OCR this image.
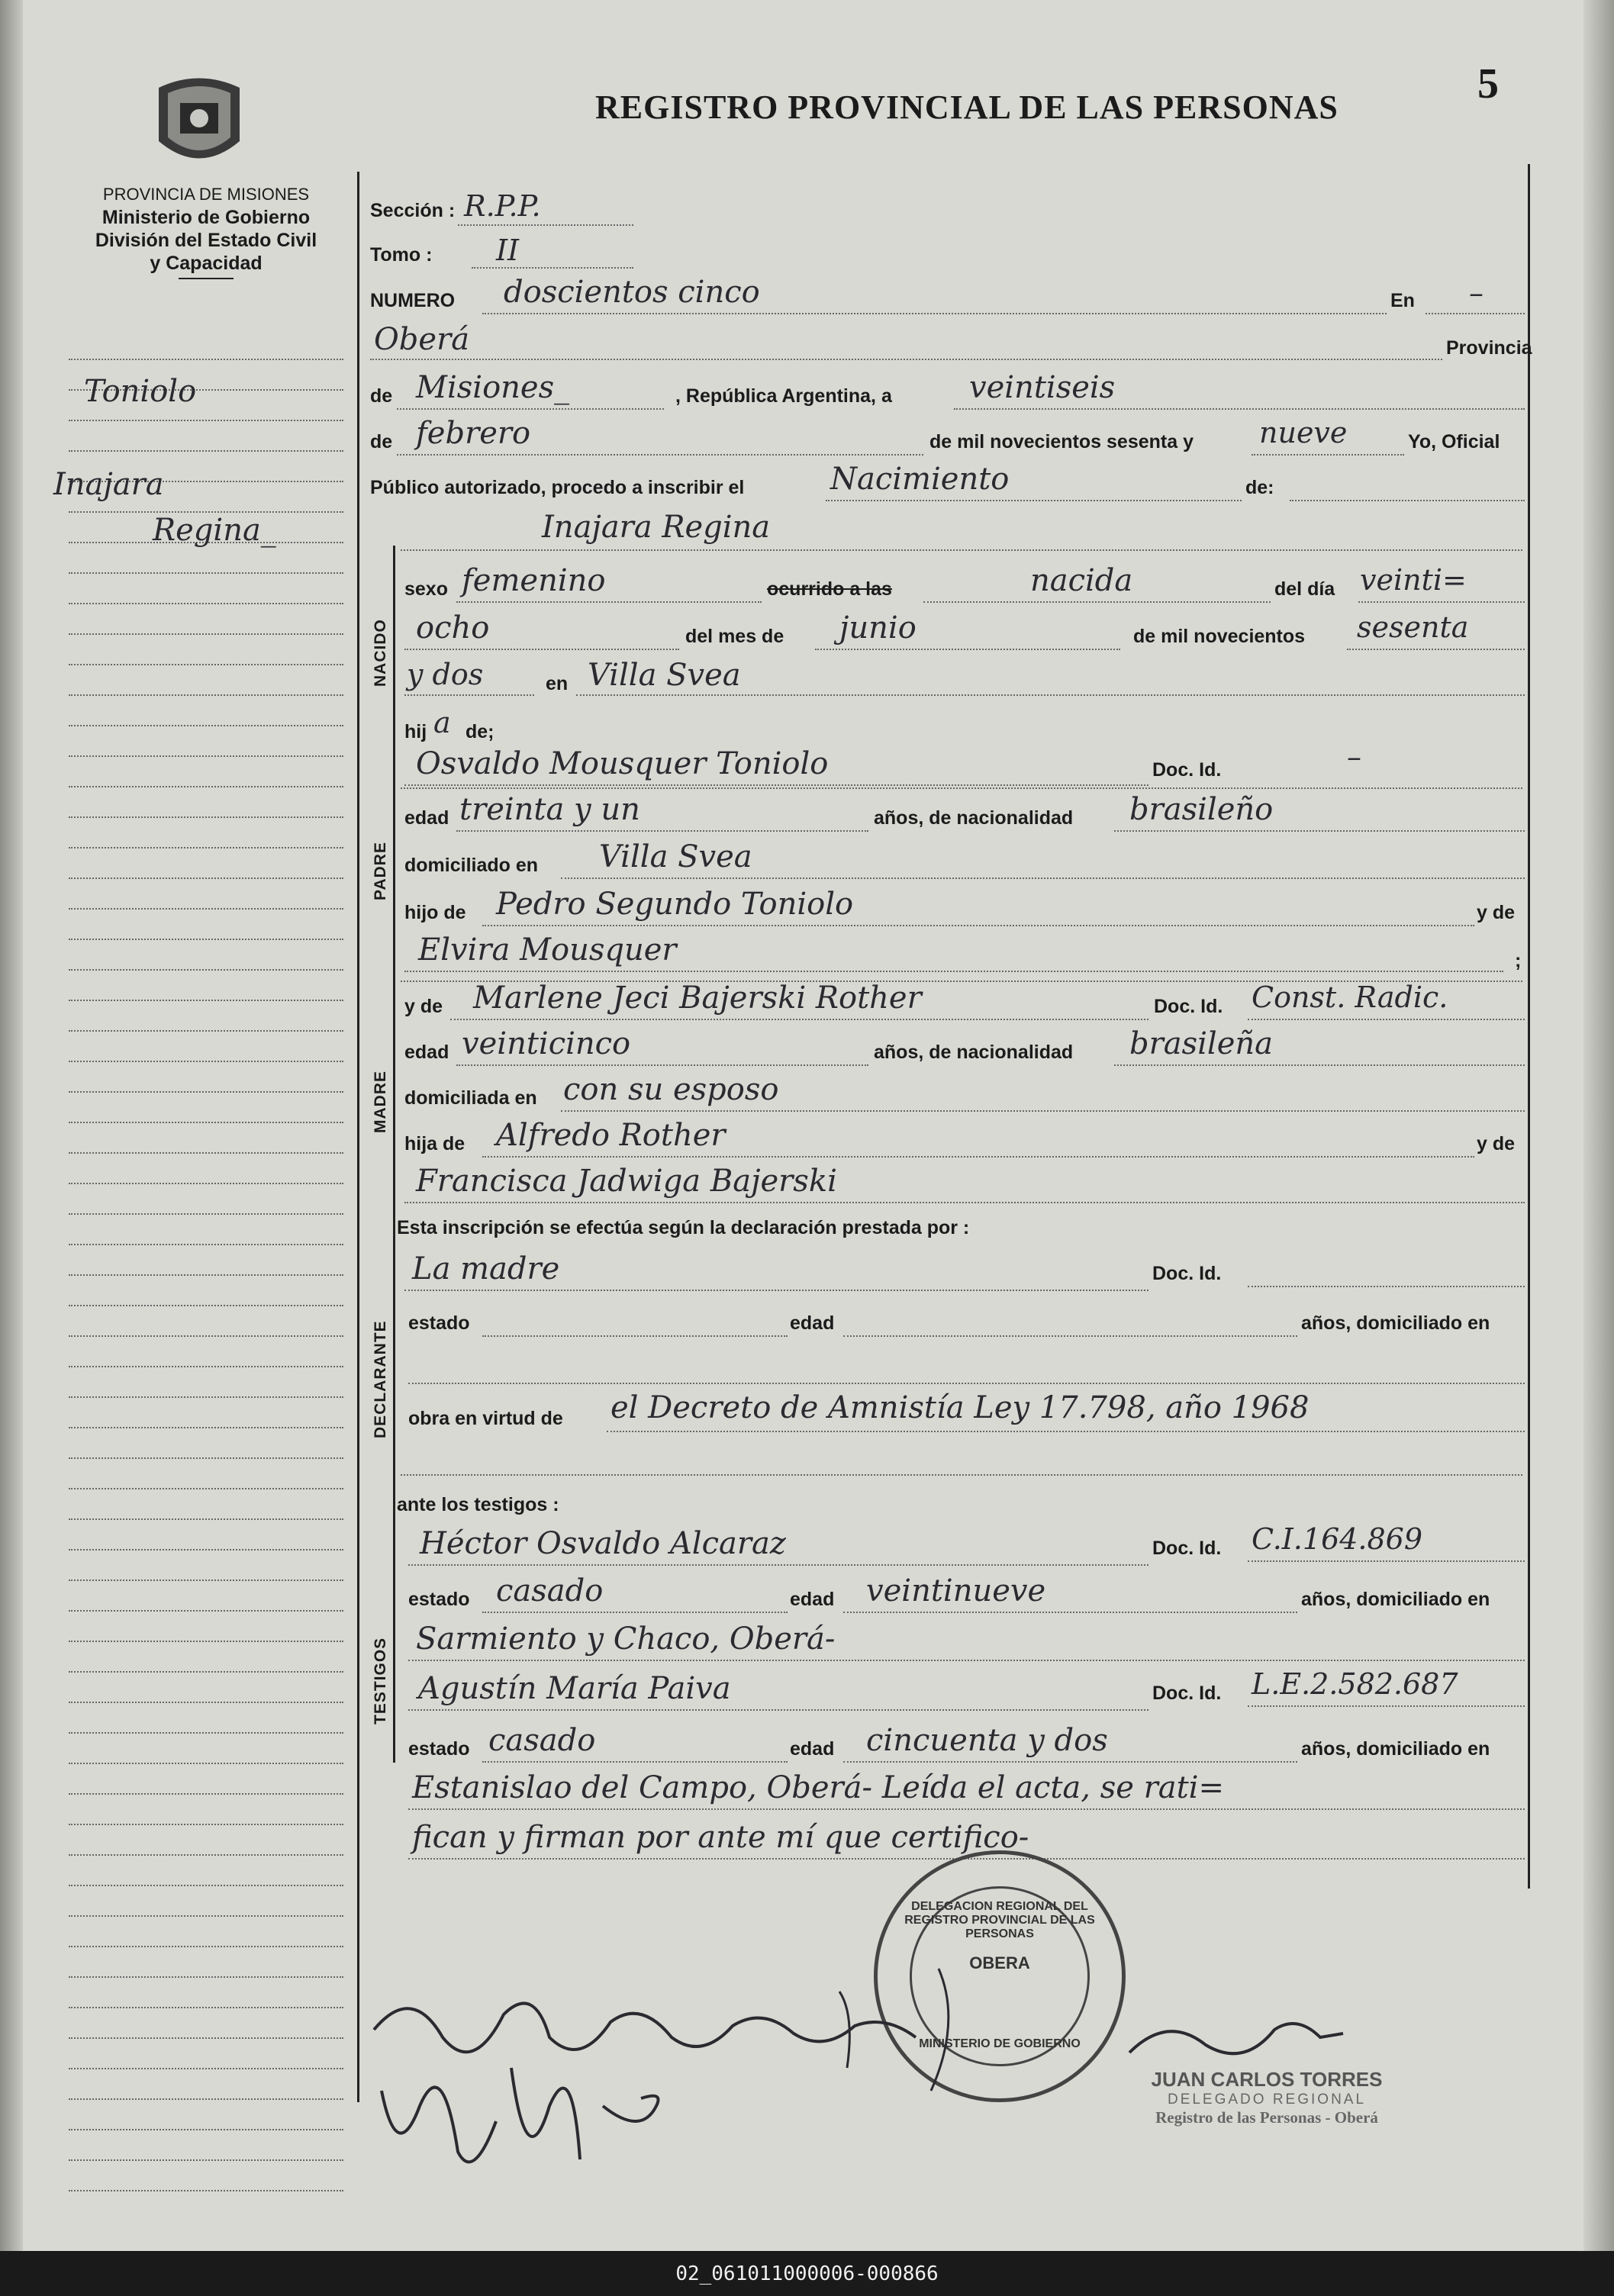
REGISTRO PROVINCIAL DE LAS PERSONAS	5
PROVINCIA DE MISIONES
Ministerio de Gobierno
División del Estado Civil
y Capacidad
Toniolo
Inajara
Regina_
NACIDO
PADRE
MADRE
DECLARANTE
TESTIGOS
Sección : R.P.P.
Tomo : II
NUMERO doscientos cinco	En –
Oberá	Provincia
de Misiones_	, República Argentina, a	veintiseis
de febrero	de mil novecientos sesenta y nueve	Yo, Oficial
Público autorizado, procedo a inscribir el	Nacimiento	de:
Inajara Regina
sexo femenino	ocurrido a las	nacida	del día veinti=
ocho	del mes de junio	de mil novecientos sesenta
y dos	en Villa Svea
hij a de;
Osvaldo Mousquer Toniolo	Doc. Id.	–
edad treinta y un	años, de nacionalidad brasileño
domiciliado en Villa Svea
hijo de Pedro Segundo Toniolo	y de
Elvira Mousquer	;
y de Marlene Jeci Bajerski Rother	Doc. Id. Const. Radic.
edad veinticinco	años, de nacionalidad brasileña
domiciliada en con su esposo
hija de Alfredo Rother	y de
Francisca Jadwiga Bajerski
Esta inscripción se efectúa según la declaración prestada por :
La madre	Doc. Id.
estado	edad	años, domiciliado en
obra en virtud de el Decreto de Amnistía Ley 17.798, año 1968
ante los testigos :
Héctor Osvaldo Alcaraz	Doc. Id. C.I.164.869
estado casado	edad veintinueve	años, domiciliado en
Sarmiento y Chaco, Oberá-
Agustín María Paiva	Doc. Id. L.E.2.582.687
estado casado	edad cincuenta y dos	años, domiciliado en
Estanislao del Campo, Oberá- Leída el acta, se rati=
fican y firman por ante mí que certifico-
DELEGACION REGIONAL DEL REGISTRO PROVINCIAL DE LAS PERSONAS
OBERA
MINISTERIO DE GOBIERNO
JUAN CARLOS TORRES
DELEGADO REGIONAL
Registro de las Personas - Oberá
02_061011000006-000866
